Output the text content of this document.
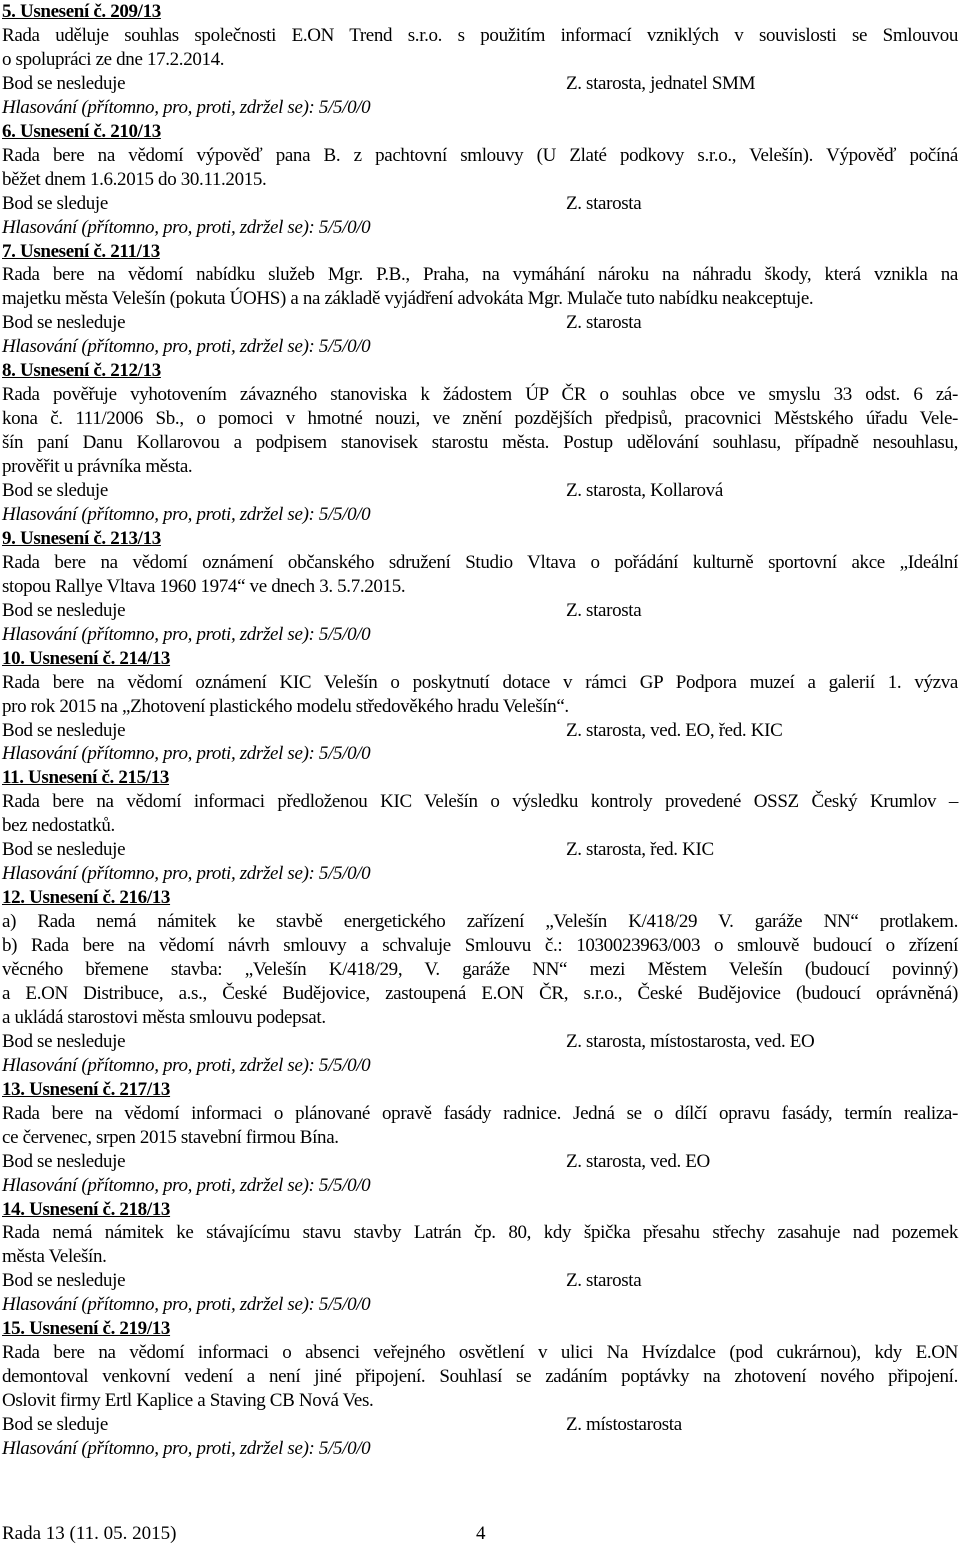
5. Usnesení č. 209/13
Rada uděluje souhlas společnosti E.ON Trend s.r.o. s použitím informací vzniklých v souvislosti se Smlouvou
o spolupráci ze dne 17.2.2014.
Bod se nesleduje	Z. starosta, jednatel SMM
Hlasování (přítomno, pro, proti, zdržel se): 5/5/0/0
6. Usnesení č. 210/13
Rada bere na vědomí výpověď pana B. z pachtovní smlouvy (U Zlaté podkovy s.r.o., Velešín). Výpověď počíná
běžet dnem 1.6.2015 do 30.11.2015.
Bod se sleduje	Z. starosta
Hlasování (přítomno, pro, proti, zdržel se): 5/5/0/0
7. Usnesení č. 211/13
Rada bere na vědomí nabídku služeb Mgr. P.B., Praha, na vymáhání nároku na náhradu škody, která vznikla na
majetku města Velešín (pokuta ÚOHS) a na základě vyjádření advokáta Mgr. Mulače tuto nabídku neakceptuje.
Bod se nesleduje	Z. starosta
Hlasování (přítomno, pro, proti, zdržel se): 5/5/0/0
8. Usnesení č. 212/13
Rada pověřuje vyhotovením závazného stanoviska k žádostem ÚP ČR o souhlas obce ve smyslu 33 odst. 6 zá-
kona č. 111/2006 Sb., o pomoci v hmotné nouzi, ve znění pozdějších předpisů, pracovnici Městského úřadu Vele-
šín paní Danu Kollarovou a podpisem stanovisek starostu města. Postup udělování souhlasu, případně nesouhlasu,
prověřit u právníka města.
Bod se sleduje	Z. starosta, Kollarová
Hlasování (přítomno, pro, proti, zdržel se): 5/5/0/0
9. Usnesení č. 213/13
Rada bere na vědomí oznámení občanského sdružení Studio Vltava o pořádání kulturně sportovní akce „Ideální
stopou Rallye Vltava 1960 1974“ ve dnech 3. 5.7.2015.
Bod se nesleduje	Z. starosta
Hlasování (přítomno, pro, proti, zdržel se): 5/5/0/0
10. Usnesení č. 214/13
Rada bere na vědomí oznámení KIC Velešín o poskytnutí dotace v rámci GP Podpora muzeí a galerií 1. výzva
pro rok 2015 na „Zhotovení plastického modelu středověkého hradu Velešín“.
Bod se nesleduje	Z. starosta, ved. EO, řed. KIC
Hlasování (přítomno, pro, proti, zdržel se): 5/5/0/0
11. Usnesení č. 215/13
Rada bere na vědomí informaci předloženou KIC Velešín o výsledku kontroly provedené OSSZ Český Krumlov –
bez nedostatků.
Bod se nesleduje	Z. starosta, řed. KIC
Hlasování (přítomno, pro, proti, zdržel se): 5/5/0/0
12. Usnesení č. 216/13
a) Rada nemá námitek ke stavbě energetického zařízení „Velešín K/418/29 V. garáže NN“ protlakem.
b) Rada bere na vědomí návrh smlouvy a schvaluje Smlouvu č.: 1030023963/003 o smlouvě budoucí o zřízení
věcného břemene stavba: „Velešín K/418/29, V. garáže NN“ mezi Městem Velešín (budoucí povinný)
a E.ON Distribuce, a.s., České Budějovice, zastoupená E.ON ČR, s.r.o., České Budějovice (budoucí oprávněná)
a ukládá starostovi města smlouvu podepsat.
Bod se nesleduje	Z. starosta, místostarosta, ved. EO
Hlasování (přítomno, pro, proti, zdržel se): 5/5/0/0
13. Usnesení č. 217/13
Rada bere na vědomí informaci o plánované opravě fasády radnice. Jedná se o dílčí opravu fasády, termín realiza-
ce červenec, srpen 2015 stavební firmou Bína.
Bod se nesleduje	Z. starosta, ved. EO
Hlasování (přítomno, pro, proti, zdržel se): 5/5/0/0
14. Usnesení č. 218/13
Rada nemá námitek ke stávajícímu stavu stavby Latrán čp. 80, kdy špička přesahu střechy zasahuje nad pozemek
města Velešín.
Bod se nesleduje	Z. starosta
Hlasování (přítomno, pro, proti, zdržel se): 5/5/0/0
15. Usnesení č. 219/13
Rada bere na vědomí informaci o absenci veřejného osvětlení v ulici Na Hvízdalce (pod cukrárnou), kdy E.ON
demontoval venkovní vedení a není jiné připojení. Souhlasí se zadáním poptávky na zhotovení nového připojení.
Oslovit firmy Ertl Kaplice a Staving CB Nová Ves.
Bod se sleduje	Z. místostarosta
Hlasování (přítomno, pro, proti, zdržel se): 5/5/0/0
Rada 13 (11. 05. 2015)	4
